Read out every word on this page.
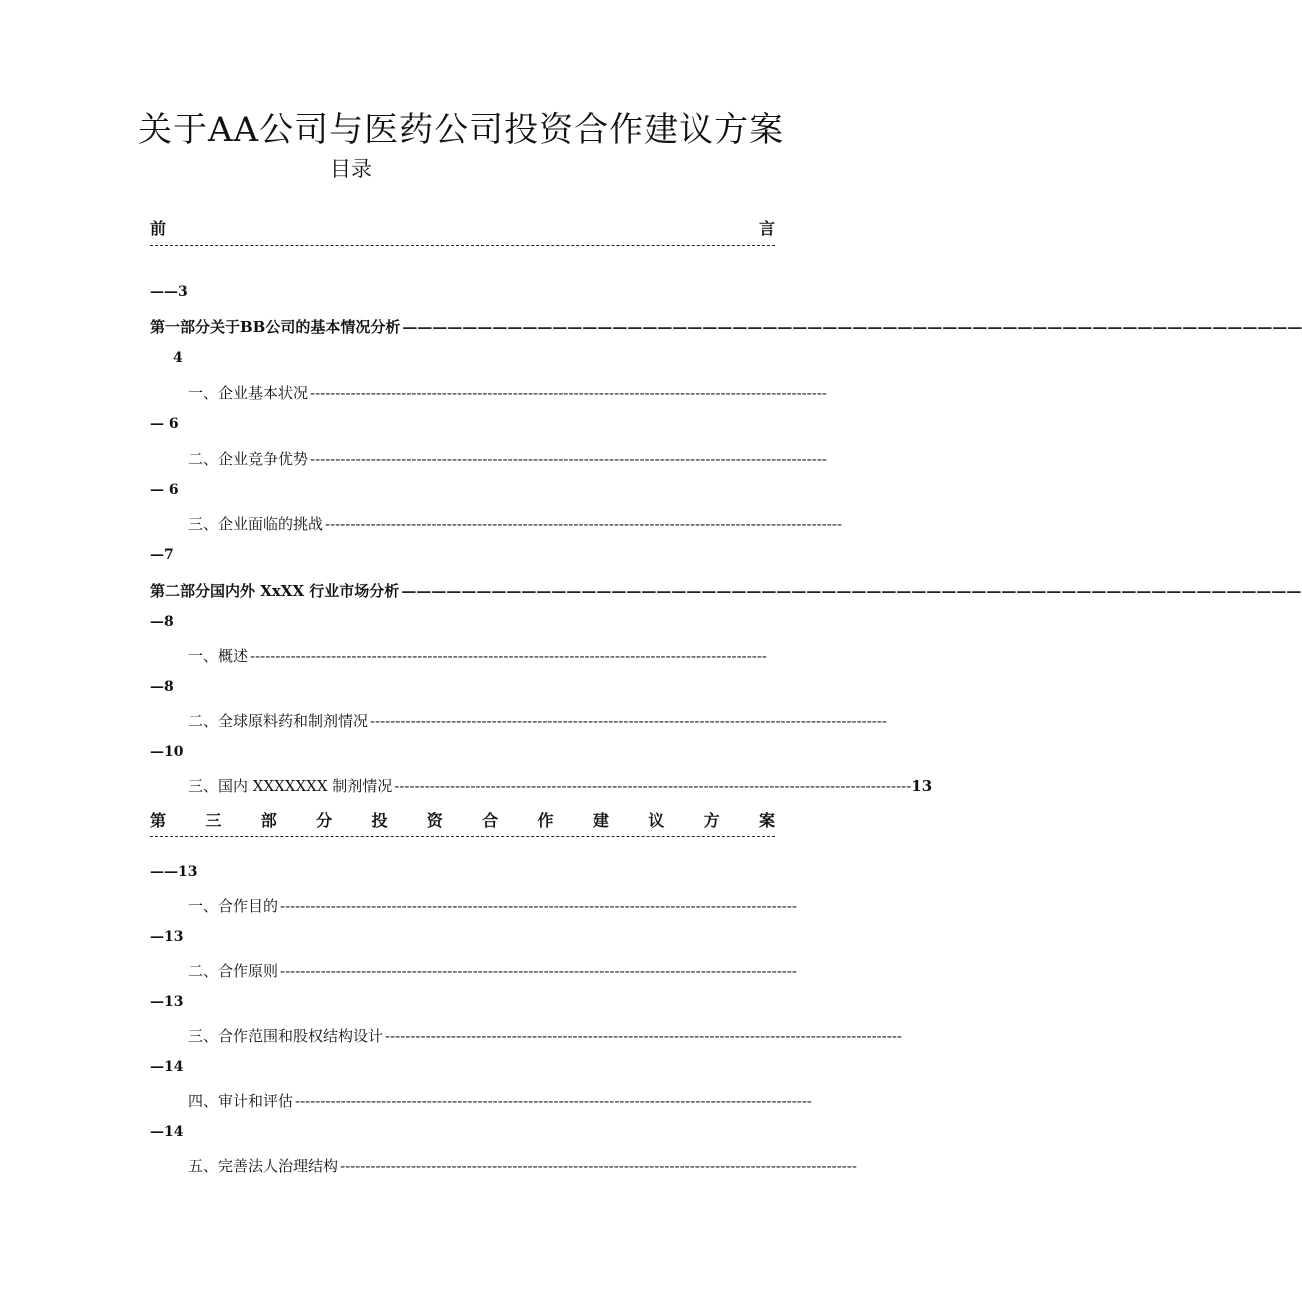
关于AA公司与医药公司投资合作建议方案
目录
前	言
——3
第一部分关于BB公司的基本情况分析 ————————————————————————————————————————————————————————————
4
一、企业基本状况 ------------------------------------------------------------------------------------------------------
— 6
二、企业竞争优势 ------------------------------------------------------------------------------------------------------
— 6
三、企业面临的挑战 ------------------------------------------------------------------------------------------------------
—7
第二部分国内外 XxXX 行业市场分析 ————————————————————————————————————————————————————————————
—8
一、概述 ------------------------------------------------------------------------------------------------------
—8
二、全球原料药和制剂情况 ------------------------------------------------------------------------------------------------------
—10
三、国内 XXXXXXX 制剂情况 ------------------------------------------------------------------------------------------------------ 13
第 三 部 分 投 资 合 作 建 议 方 案
——13
一、合作目的 ------------------------------------------------------------------------------------------------------
—13
二、合作原则 ------------------------------------------------------------------------------------------------------
—13
三、合作范围和股权结构设计 ------------------------------------------------------------------------------------------------------
—14
四、审计和评估 ------------------------------------------------------------------------------------------------------
—14
五、完善法人治理结构 ------------------------------------------------------------------------------------------------------
